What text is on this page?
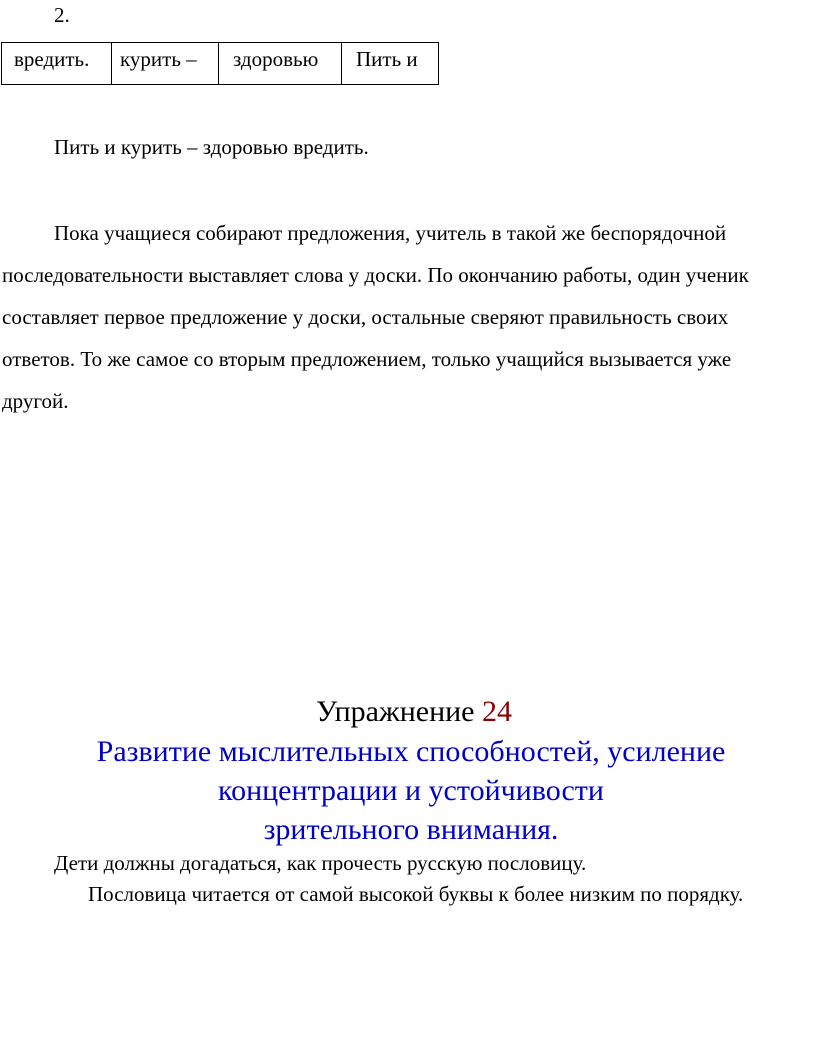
2.
вредить.	курить –	здоровью	Пить и
Пить и курить – здоровью вредить.

Пока учащиеся собирают предложения, учитель в такой же беспорядочной последовательности выставляет слова у доски. По окончанию работы, один ученик составляет первое предложение у доски, остальные сверяют правильность своих ответов. То же самое со вторым предложением, только учащийся вызывается уже другой.

Упражнение 24
Развитие мыслительных способностей, усиление
концентрации и устойчивости
зрительного внимания.
Дети должны догадаться, как прочесть русскую пословицу.

Пословица читается от самой высокой буквы к более низким по порядку.
